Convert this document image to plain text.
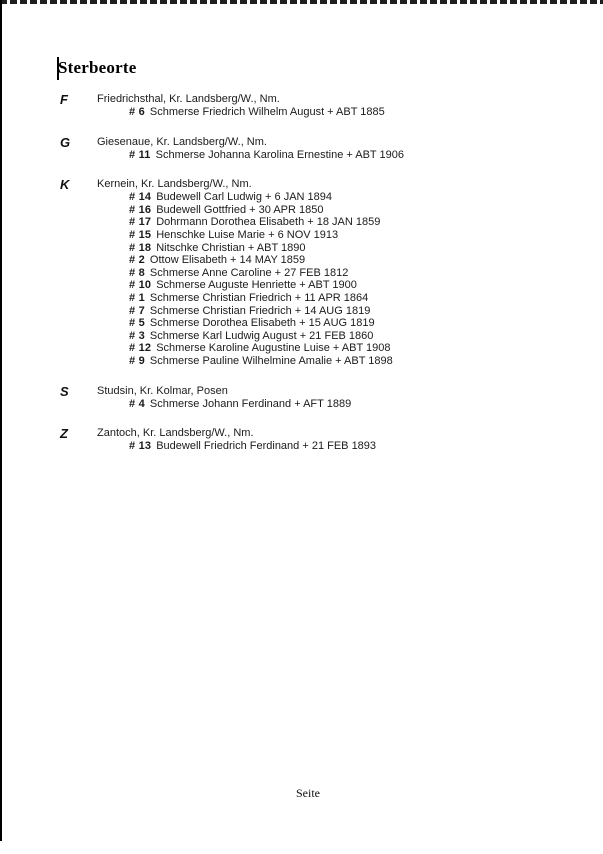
Sterbeorte
F	Friedrichsthal, Kr. Landsberg/W., Nm.
# 6 Schmerse Friedrich Wilhelm August + ABT 1885
G Giesenaue, Kr. Landsberg/W., Nm.
# 11 Schmerse Johanna Karolina Ernestine + ABT 1906
K	Kernein, Kr. Landsberg/W., Nm.
# 14 Budewell Carl Ludwig + 6 JAN 1894
# 16 Budewell Gottfried + 30 APR 1850
# 17 Dohrmann Dorothea Elisabeth + 18 JAN 1859
# 15 Henschke Luise Marie + 6 NOV 1913
# 18 Nitschke Christian + ABT 1890
# 2 Ottow Elisabeth + 14 MAY 1859
# 8 Schmerse Anne Caroline + 27 FEB 1812
# 10 Schmerse Auguste Henriette + ABT 1900
# 1 Schmerse Christian Friedrich + 11 APR 1864
# 7 Schmerse Christian Friedrich + 14 AUG 1819
# 5 Schmerse Dorothea Elisabeth + 15 AUG 1819
# 3 Schmerse Karl Ludwig August + 21 FEB 1860
# 12 Schmerse Karoline Augustine Luise + ABT 1908
# 9 Schmerse Pauline Wilhelmine Amalie + ABT 1898
S	Studsin, Kr. Kolmar, Posen
# 4 Schmerse Johann Ferdinand + AFT 1889
Z	Zantoch, Kr. Landsberg/W., Nm.
# 13 Budewell Friedrich Ferdinand + 21 FEB 1893
Seite
